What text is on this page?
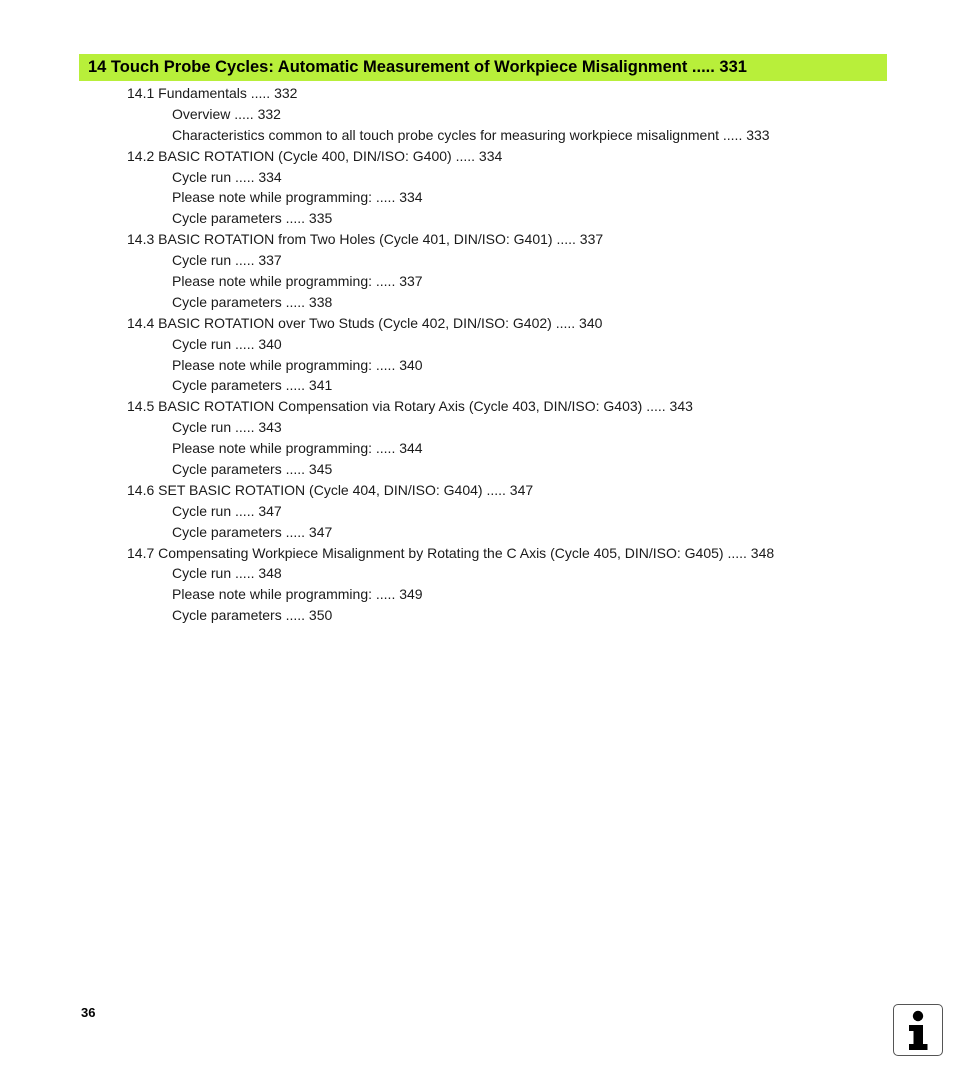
14 Touch Probe Cycles: Automatic Measurement of Workpiece Misalignment ..... 331
14.1 Fundamentals ..... 332
Overview ..... 332
Characteristics common to all touch probe cycles for measuring workpiece misalignment ..... 333
14.2 BASIC ROTATION (Cycle 400, DIN/ISO: G400) ..... 334
Cycle run ..... 334
Please note while programming: ..... 334
Cycle parameters ..... 335
14.3 BASIC ROTATION from Two Holes (Cycle 401, DIN/ISO: G401) ..... 337
Cycle run ..... 337
Please note while programming: ..... 337
Cycle parameters ..... 338
14.4 BASIC ROTATION over Two Studs (Cycle 402, DIN/ISO: G402) ..... 340
Cycle run ..... 340
Please note while programming: ..... 340
Cycle parameters ..... 341
14.5 BASIC ROTATION Compensation via Rotary Axis (Cycle 403, DIN/ISO: G403) ..... 343
Cycle run ..... 343
Please note while programming: ..... 344
Cycle parameters ..... 345
14.6 SET BASIC ROTATION (Cycle 404, DIN/ISO: G404) ..... 347
Cycle run ..... 347
Cycle parameters ..... 347
14.7 Compensating Workpiece Misalignment by Rotating the C Axis (Cycle 405, DIN/ISO: G405) ..... 348
Cycle run ..... 348
Please note while programming: ..... 349
Cycle parameters ..... 350
36
